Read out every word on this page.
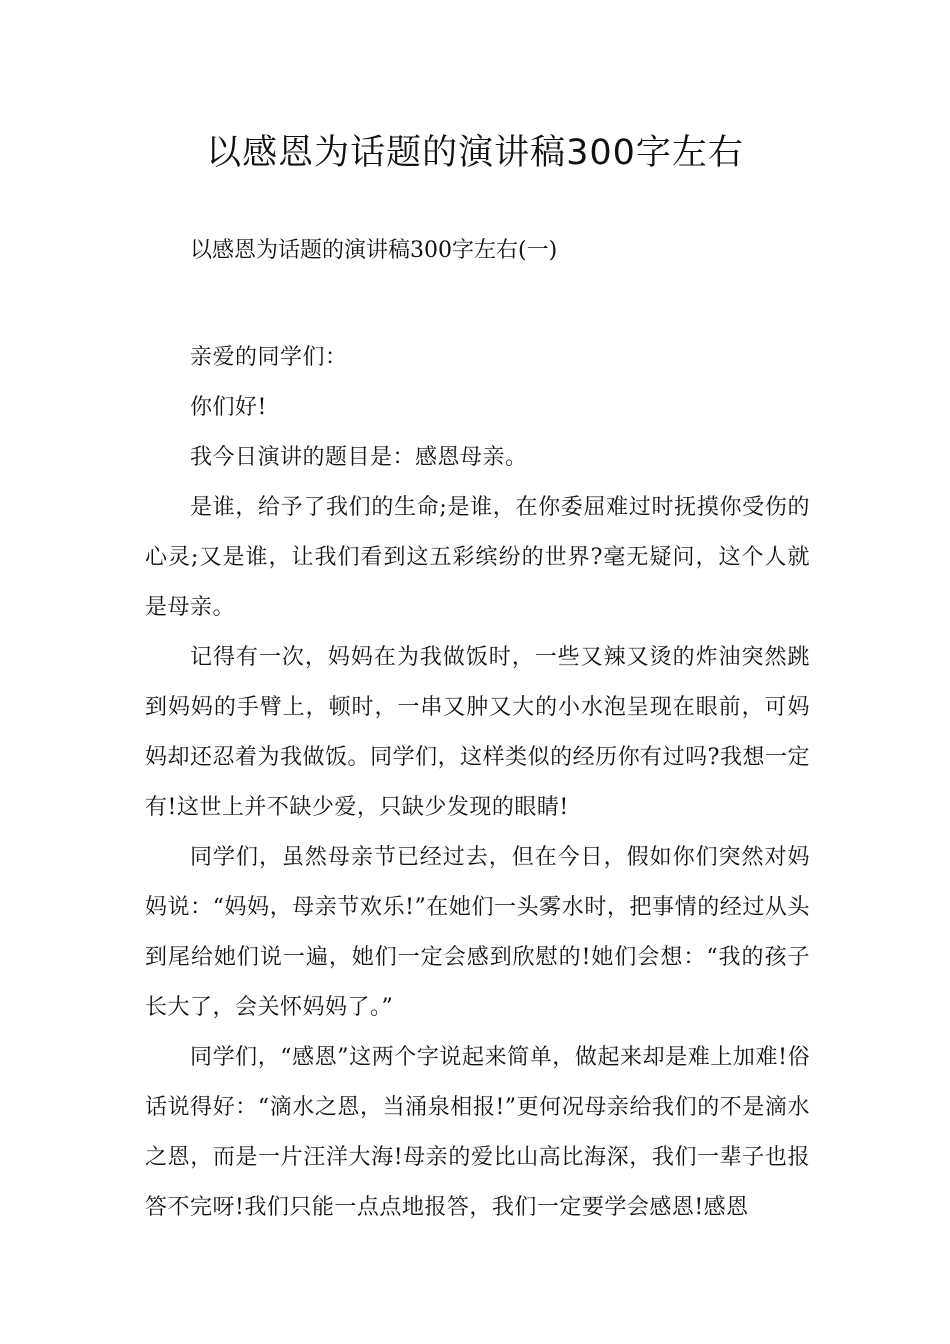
以感恩为话题的演讲稿300字左右

以感恩为话题的演讲稿300字左右(一)

亲爱的同学们：

你们好!

我今日演讲的题目是：感恩母亲。

是谁，给予了我们的生命;是谁，在你委屈难过时抚摸你受伤的心灵;又是谁，让我们看到这五彩缤纷的世界?毫无疑问，这个人就是母亲。

记得有一次，妈妈在为我做饭时，一些又辣又烫的炸油突然跳到妈妈的手臂上，顿时，一串又肿又大的小水泡呈现在眼前，可妈妈却还忍着为我做饭。同学们，这样类似的经历你有过吗?我想一定有!这世上并不缺少爱，只缺少发现的眼睛!

同学们，虽然母亲节已经过去，但在今日，假如你们突然对妈妈说：“妈妈，母亲节欢乐!”在她们一头雾水时，把事情的经过从头到尾给她们说一遍，她们一定会感到欣慰的!她们会想：“我的孩子长大了，会关怀妈妈了。”

同学们，“感恩”这两个字说起来简单，做起来却是难上加难!俗话说得好：“滴水之恩，当涌泉相报!”更何况母亲给我们的不是滴水之恩，而是一片汪洋大海!母亲的爱比山高比海深，我们一辈子也报答不完呀!我们只能一点点地报答，我们一定要学会感恩!感恩
